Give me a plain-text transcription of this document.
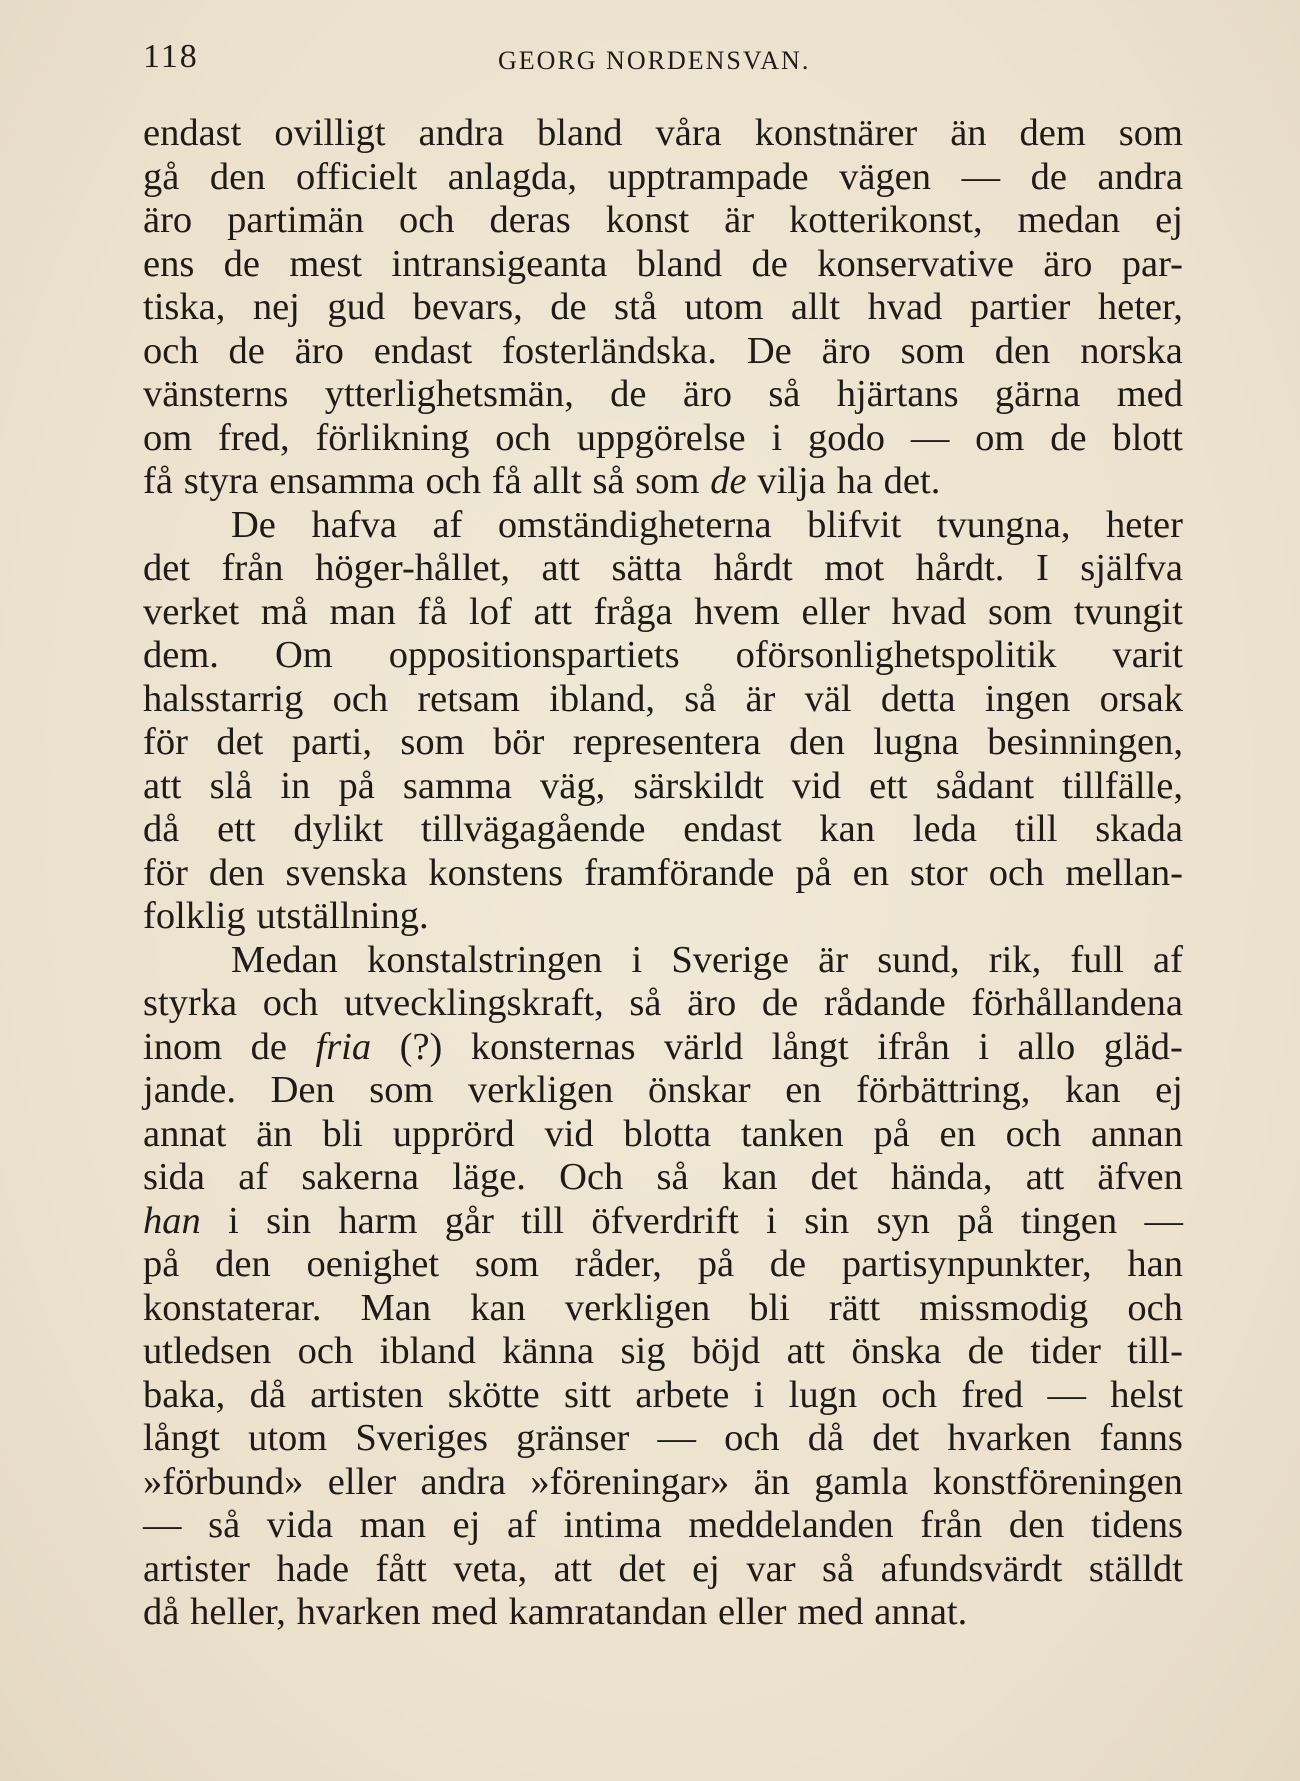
118	GEORG NORDENSVAN.
endast ovilligt andra bland våra konstnärer än dem som
gå den officielt anlagda, upptrampade vägen — de andra
äro partimän och deras konst är kotterikonst, medan ej
ens de mest intransigeanta bland de konservative äro par-
tiska, nej gud bevars, de stå utom allt hvad partier heter,
och de äro endast fosterländska. De äro som den norska
vänsterns ytterlighetsmän, de äro så hjärtans gärna med
om fred, förlikning och uppgörelse i godo — om de blott
få styra ensamma och få allt så som de vilja ha det.
De hafva af omständigheterna blifvit tvungna, heter
det från höger-hållet, att sätta hårdt mot hårdt. I själfva
verket må man få lof att fråga hvem eller hvad som tvungit
dem. Om oppositionspartiets oförsonlighetspolitik varit
halsstarrig och retsam ibland, så är väl detta ingen orsak
för det parti, som bör representera den lugna besinningen,
att slå in på samma väg, särskildt vid ett sådant tillfälle,
då ett dylikt tillvägagående endast kan leda till skada
för den svenska konstens framförande på en stor och mellan-
folklig utställning.
Medan konstalstringen i Sverige är sund, rik, full af
styrka och utvecklingskraft, så äro de rådande förhållandena
inom de fria (?) konsternas värld långt ifrån i allo gläd-
jande. Den som verkligen önskar en förbättring, kan ej
annat än bli upprörd vid blotta tanken på en och annan
sida af sakerna läge. Och så kan det hända, att äfven
han i sin harm går till öfverdrift i sin syn på tingen —
på den oenighet som råder, på de partisynpunkter, han
konstaterar. Man kan verkligen bli rätt missmodig och
utledsen och ibland känna sig böjd att önska de tider till-
baka, då artisten skötte sitt arbete i lugn och fred — helst
långt utom Sveriges gränser — och då det hvarken fanns
»förbund» eller andra »föreningar» än gamla konstföreningen
— så vida man ej af intima meddelanden från den tidens
artister hade fått veta, att det ej var så afundsvärdt ställdt
då heller, hvarken med kamratandan eller med annat.
